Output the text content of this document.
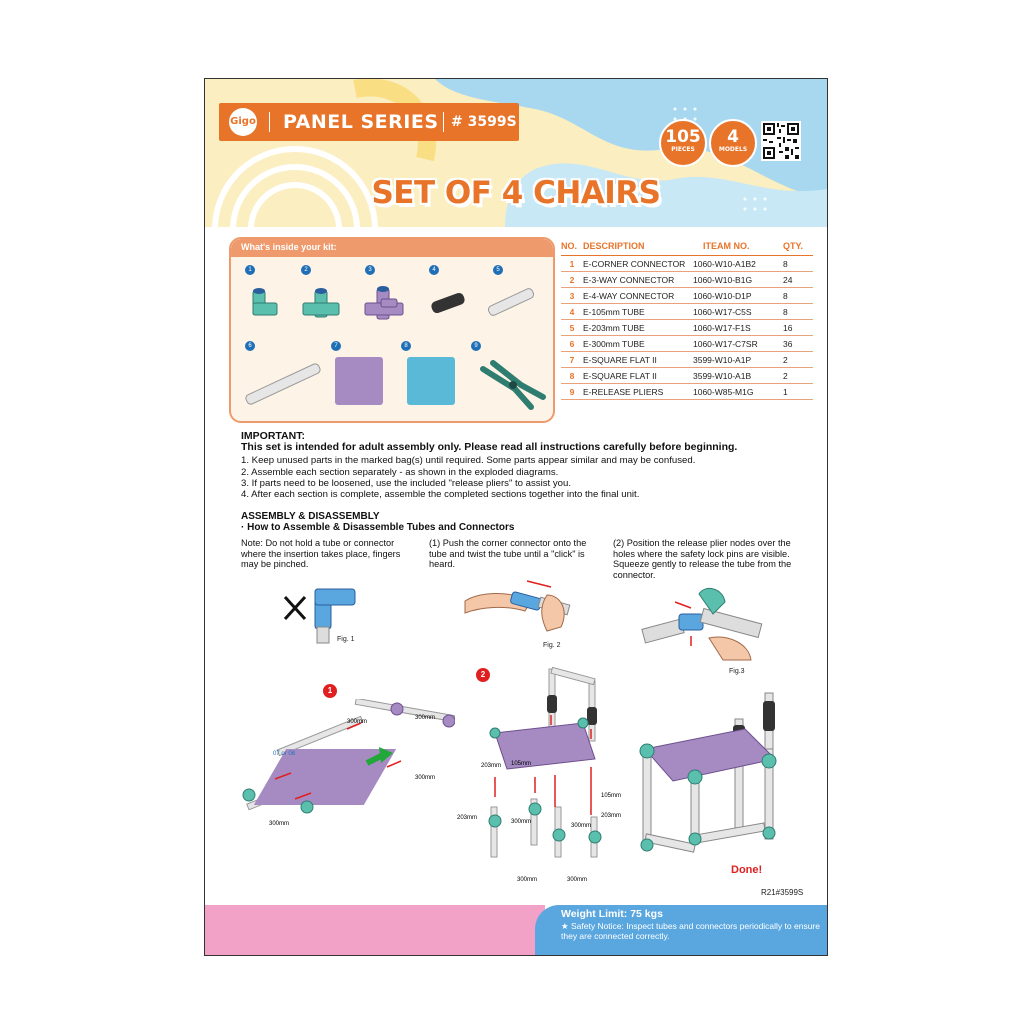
Gigo PANEL SERIES # 3599S
105
PIECES
4
MODELS
SET OF 4 CHAIRS
What's inside your kit:
1	2	3	4	5
6	7	8	9
NO.	DESCRIPTION	ITEAM NO.	QTY.
1	E-CORNER CONNECTOR	1060-W10-A1B2	8
2	E-3-WAY CONNECTOR	1060-W10-B1G	24
3	E-4-WAY CONNECTOR	1060-W10-D1P	8
4	E-105mm TUBE	1060-W17-C5S	8
5	E-203mm TUBE	1060-W17-F1S	16
6	E-300mm TUBE	1060-W17-C7SR	36
7	E-SQUARE FLAT II	3599-W10-A1P	2
8	E-SQUARE FLAT II	3599-W10-A1B	2
9	E-RELEASE PLIERS	1060-W85-M1G	1
IMPORTANT:
This set is intended for adult assembly only. Please read all instructions carefully before beginning.
1. Keep unused parts in the marked bag(s) until required. Some parts appear similar and may be confused.
2. Assemble each section separately - as shown in the exploded diagrams.
3. If parts need to be loosened, use the included "release pliers" to assist you.
4. After each section is complete, assemble the completed sections together into the final unit.
ASSEMBLY & DISASSEMBLY
· How to Assemble & Disassemble Tubes and Connectors
Note: Do not hold a tube or connector where the insertion takes place, fingers may be pinched.
(1) Push the corner connector onto the tube and twist the tube until a "click" is heard.
(2) Position the release plier nodes over the holes where the safety lock pins are visible. Squeeze gently to release the tube from the connector.
Fig. 1
Fig. 2
Fig.3
1
300mm
300mm
300mm
300mm
07 or 08
2
203mm
300mm
300mm
203mm	203mm
300mm	300mm
105mm
105mm
Done!
R21#3599S
Weight Limit: 75 kgs
★ Safety Notice: Inspect tubes and connectors periodically to ensure they are connected correctly.
